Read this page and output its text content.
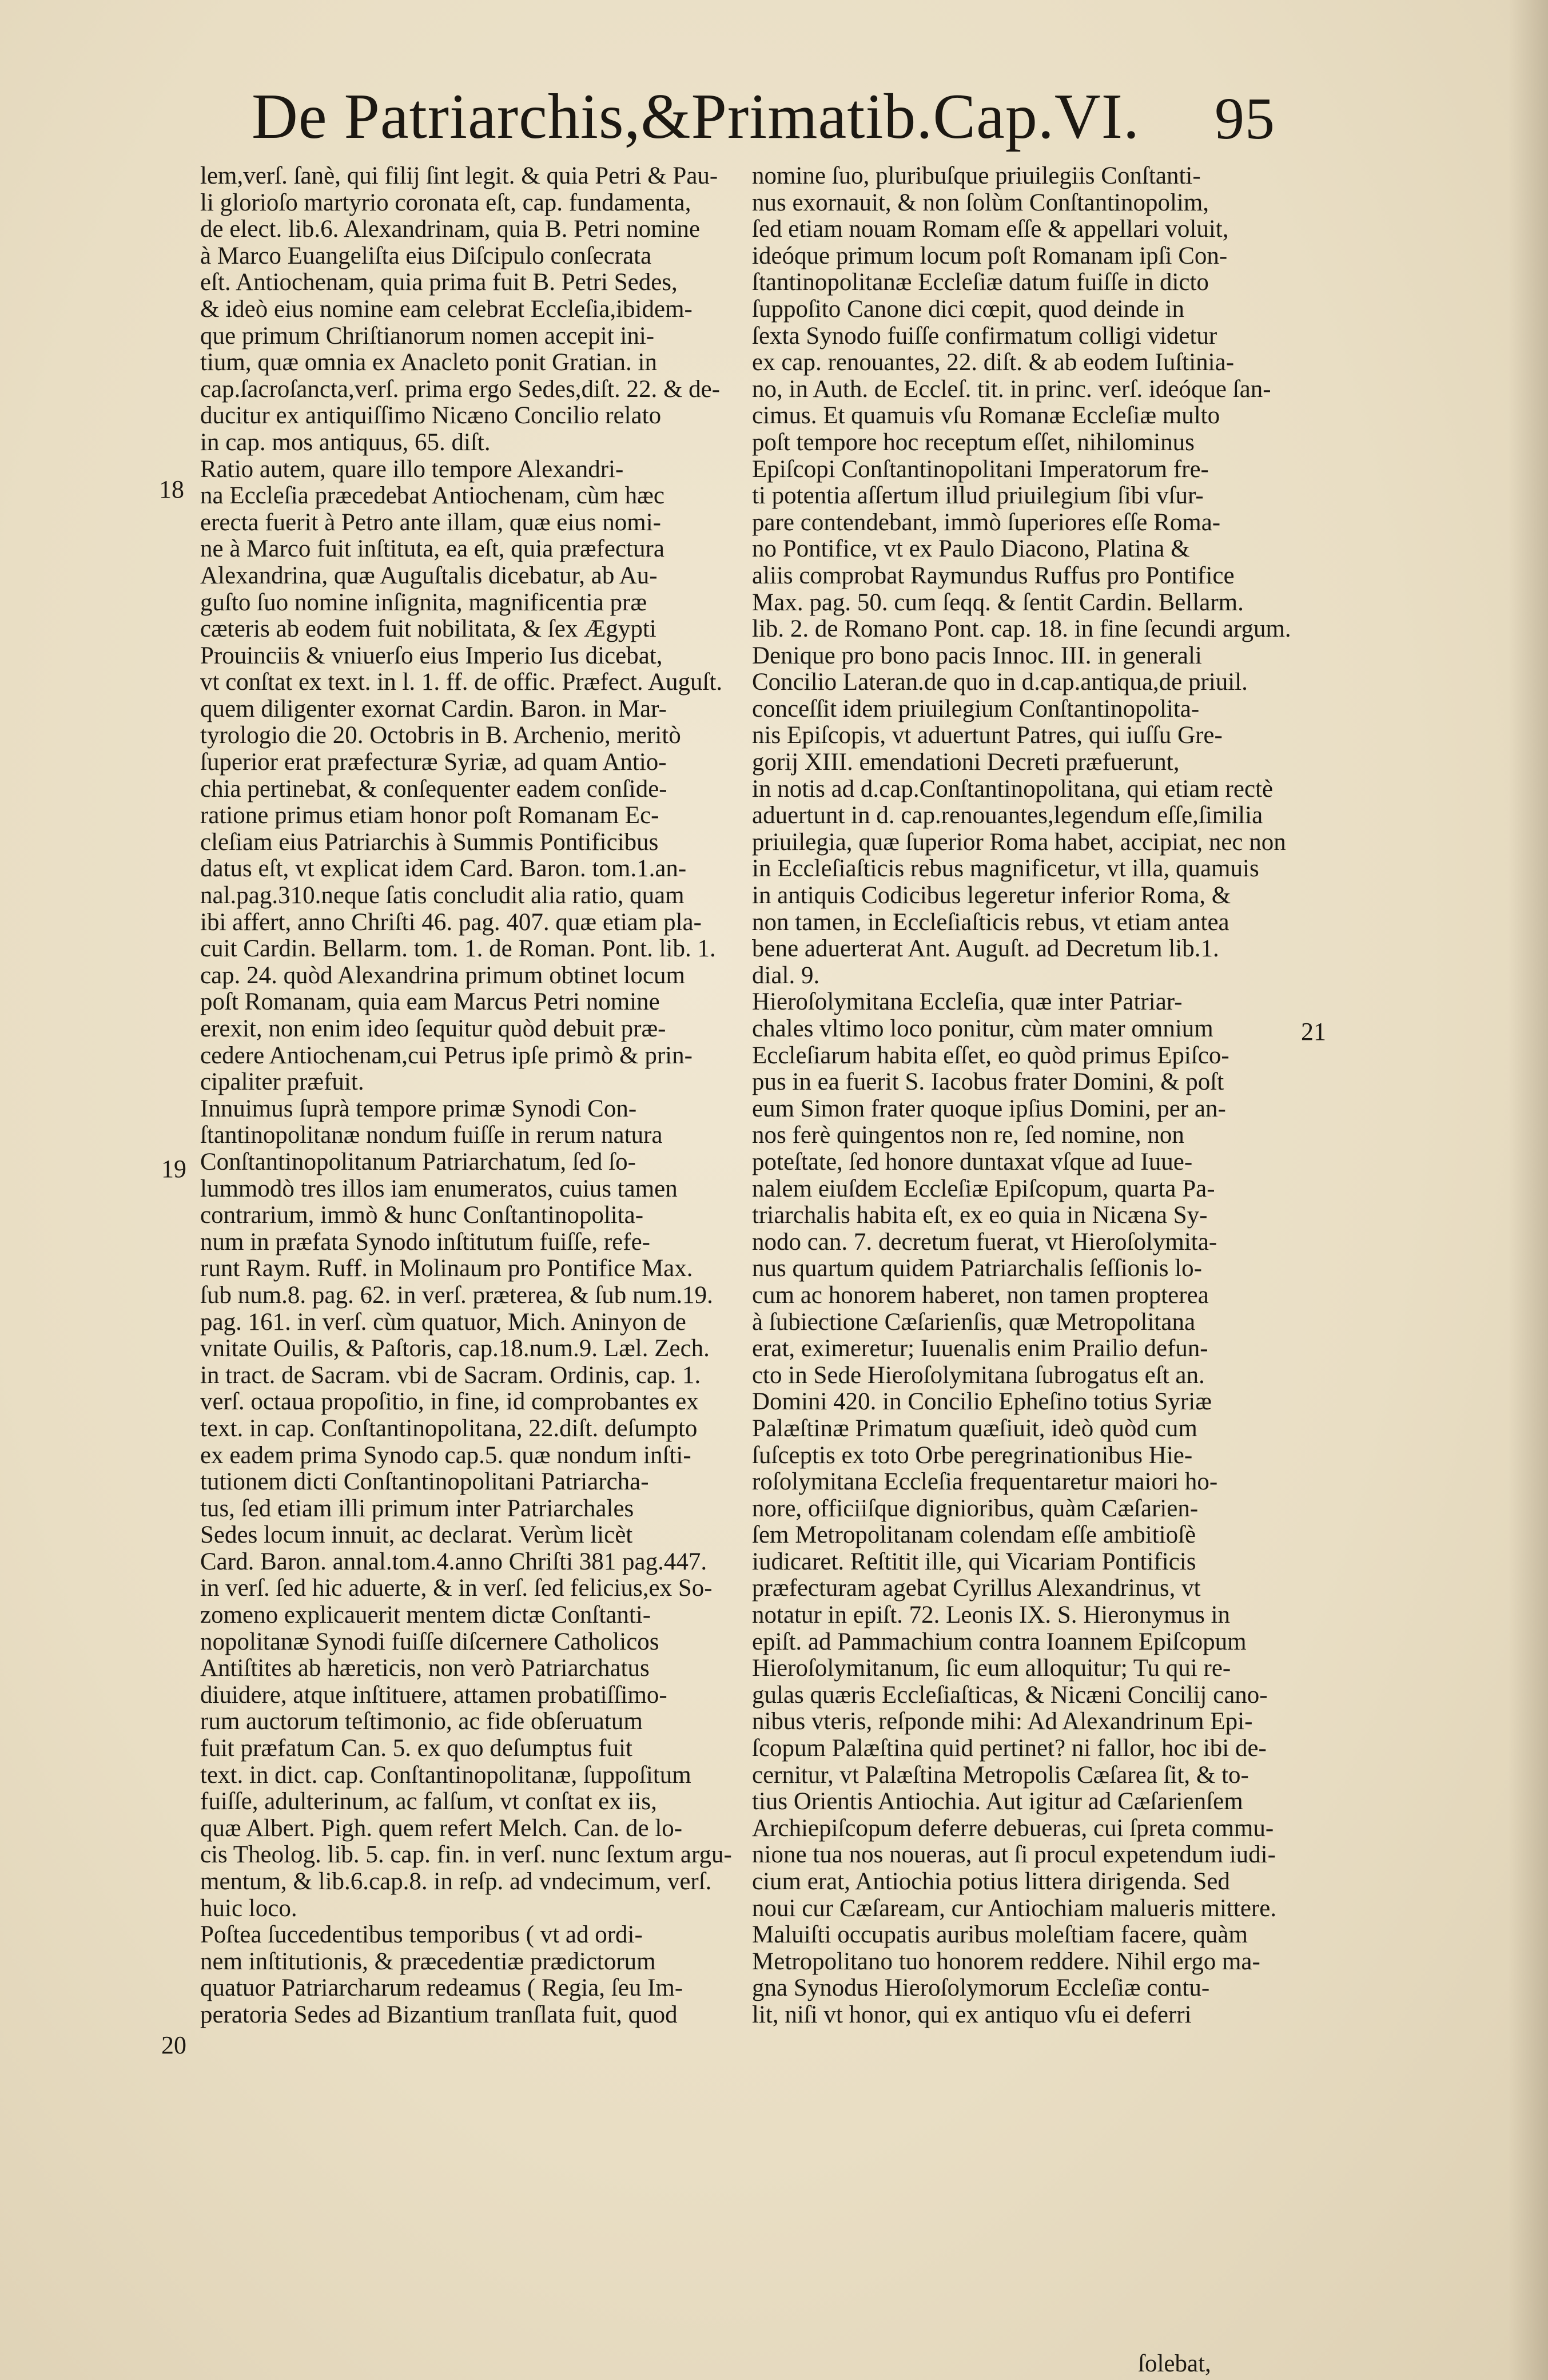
De Patriarchis,&Primatib.Cap.VI. 95

lem,verſ. ſanè, qui filij ſint legit. & quia Petri & Pau-
li glorioſo martyrio coronata eſt, cap. fundamenta,
de elect. lib.6. Alexandrinam, quia B. Petri nomine
à Marco Euangeliſta eius Diſcipulo conſecrata
eſt. Antiochenam, quia prima fuit B. Petri Sedes,
& ideò eius nomine eam celebrat Eccleſia,ibidem-
que primum Chriſtianorum nomen accepit ini-
tium, quæ omnia ex Anacleto ponit Gratian. in
cap.ſacroſancta,verſ. prima ergo Sedes,diſt. 22. & de-
ducitur ex antiquiſſimo Nicæno Concilio relato
in cap. mos antiquus, 65. diſt.
Ratio autem, quare illo tempore Alexandri-
na Eccleſia præcedebat Antiochenam, cùm hæc
erecta fuerit à Petro ante illam, quæ eius nomi-
ne à Marco fuit inſtituta, ea eſt, quia præfectura
Alexandrina, quæ Auguſtalis dicebatur, ab Au-
guſto ſuo nomine inſignita, magnificentia præ
cæteris ab eodem fuit nobilitata, & ſex Ægypti
Prouinciis & vniuerſo eius Imperio Ius dicebat,
vt conſtat ex text. in l. 1. ff. de offic. Præfect. Auguſt.
quem diligenter exornat Cardin. Baron. in Mar-
tyrologio die 20. Octobris in B. Archenio, meritò
ſuperior erat præfecturæ Syriæ, ad quam Antio-
chia pertinebat, & conſequenter eadem conſide-
ratione primus etiam honor poſt Romanam Ec-
cleſiam eius Patriarchis à Summis Pontificibus
datus eſt, vt explicat idem Card. Baron. tom.1.an-
nal.pag.310.neque ſatis concludit alia ratio, quam
ibi affert, anno Chriſti 46. pag. 407. quæ etiam pla-
cuit Cardin. Bellarm. tom. 1. de Roman. Pont. lib. 1.
cap. 24. quòd Alexandrina primum obtinet locum
poſt Romanam, quia eam Marcus Petri nomine
erexit, non enim ideo ſequitur quòd debuit præ-
cedere Antiochenam,cui Petrus ipſe primò & prin-
cipaliter præfuit.
Innuimus ſuprà tempore primæ Synodi Con-
ſtantinopolitanæ nondum fuiſſe in rerum natura
Conſtantinopolitanum Patriarchatum, ſed ſo-
lummodò tres illos iam enumeratos, cuius tamen
contrarium, immò & hunc Conſtantinopolita-
num in præfata Synodo inſtitutum fuiſſe, refe-
runt Raym. Ruff. in Molinaum pro Pontifice Max.
ſub num.8. pag. 62. in verſ. præterea, & ſub num.19.
pag. 161. in verſ. cùm quatuor, Mich. Aninyon de
vnitate Ouilis, & Paſtoris, cap.18.num.9. Læl. Zech.
in tract. de Sacram. vbi de Sacram. Ordinis, cap. 1.
verſ. octaua propoſitio, in fine, id comprobantes ex
text. in cap. Conſtantinopolitana, 22.diſt. deſumpto
ex eadem prima Synodo cap.5. quæ nondum inſti-
tutionem dicti Conſtantinopolitani Patriarcha-
tus, ſed etiam illi primum inter Patriarchales
Sedes locum innuit, ac declarat. Verùm licèt
Card. Baron. annal.tom.4.anno Chriſti 381 pag.447.
in verſ. ſed hic aduerte, & in verſ. ſed felicius,ex So-
zomeno explicauerit mentem dictæ Conſtanti-
nopolitanæ Synodi fuiſſe diſcernere Catholicos
Antiſtites ab hæreticis, non verò Patriarchatus
diuidere, atque inſtituere, attamen probatiſſimo-
rum auctorum teſtimonio, ac fide obſeruatum
fuit præfatum Can. 5. ex quo deſumptus fuit
text. in dict. cap. Conſtantinopolitanæ, ſuppoſitum
fuiſſe, adulterinum, ac falſum, vt conſtat ex iis,
quæ Albert. Pigh. quem refert Melch. Can. de lo-
cis Theolog. lib. 5. cap. fin. in verſ. nunc ſextum argu-
mentum, & lib.6.cap.8. in reſp. ad vndecimum, verſ.
huic loco.
Poſtea ſuccedentibus temporibus ( vt ad ordi-
nem inſtitutionis, & præcedentiæ prædictorum
quatuor Patriarcharum redeamus ( Regia, ſeu Im-
peratoria Sedes ad Bizantium tranſlata fuit, quod

nomine ſuo, pluribuſque priuilegiis Conſtanti-
nus exornauit, & non ſolùm Conſtantinopolim,
ſed etiam nouam Romam eſſe & appellari voluit,
ideóque primum locum poſt Romanam ipſi Con-
ſtantinopolitanæ Eccleſiæ datum fuiſſe in dicto
ſuppoſito Canone dici cœpit, quod deinde in
ſexta Synodo fuiſſe confirmatum colligi videtur
ex cap. renouantes, 22. diſt. & ab eodem Iuſtinia-
no, in Auth. de Eccleſ. tit. in princ. verſ. ideóque ſan-
cimus. Et quamuis vſu Romanæ Eccleſiæ multo
poſt tempore hoc receptum eſſet, nihilominus
Epiſcopi Conſtantinopolitani Imperatorum fre-
ti potentia aſſertum illud priuilegium ſibi vſur-
pare contendebant, immò ſuperiores eſſe Roma-
no Pontifice, vt ex Paulo Diacono, Platina &
aliis comprobat Raymundus Ruffus pro Pontifice
Max. pag. 50. cum ſeqq. & ſentit Cardin. Bellarm.
lib. 2. de Romano Pont. cap. 18. in fine ſecundi argum.
Denique pro bono pacis Innoc. III. in generali
Concilio Lateran.de quo in d.cap.antiqua,de priuil.
conceſſit idem priuilegium Conſtantinopolita-
nis Epiſcopis, vt aduertunt Patres, qui iuſſu Gre-
gorij XIII. emendationi Decreti præfuerunt,
in notis ad d.cap.Conſtantinopolitana, qui etiam rectè
aduertunt in d. cap.renouantes,legendum eſſe,ſimilia
priuilegia, quæ ſuperior Roma habet, accipiat, nec non
in Eccleſiaſticis rebus magnificetur, vt illa, quamuis
in antiquis Codicibus legeretur inferior Roma, &
non tamen, in Eccleſiaſticis rebus, vt etiam antea
bene aduerterat Ant. Auguſt. ad Decretum lib.1.
dial. 9.
Hieroſolymitana Eccleſia, quæ inter Patriar-
chales vltimo loco ponitur, cùm mater omnium
Eccleſiarum habita eſſet, eo quòd primus Epiſco-
pus in ea fuerit S. Iacobus frater Domini, & poſt
eum Simon frater quoque ipſius Domini, per an-
nos ferè quingentos non re, ſed nomine, non
poteſtate, ſed honore duntaxat vſque ad Iuue-
nalem eiuſdem Eccleſiæ Epiſcopum, quarta Pa-
triarchalis habita eſt, ex eo quia in Nicæna Sy-
nodo can. 7. decretum fuerat, vt Hieroſolymita-
nus quartum quidem Patriarchalis ſeſſionis lo-
cum ac honorem haberet, non tamen propterea
à ſubiectione Cæſarienſis, quæ Metropolitana
erat, eximeretur; Iuuenalis enim Prailio defun-
cto in Sede Hieroſolymitana ſubrogatus eſt an.
Domini 420. in Concilio Epheſino totius Syriæ
Palæſtinæ Primatum quæſiuit, ideò quòd cum
ſuſceptis ex toto Orbe peregrinationibus Hie-
roſolymitana Eccleſia frequentaretur maiori ho-
nore, officiiſque dignioribus, quàm Cæſarien-
ſem Metropolitanam colendam eſſe ambitioſè
iudicaret. Reſtitit ille, qui Vicariam Pontificis
præfecturam agebat Cyrillus Alexandrinus, vt
notatur in epiſt. 72. Leonis IX. S. Hieronymus in
epiſt. ad Pammachium contra Ioannem Epiſcopum
Hieroſolymitanum, ſic eum alloquitur; Tu qui re-
gulas quæris Eccleſiaſticas, & Nicæni Concilij cano-
nibus vteris, reſponde mihi: Ad Alexandrinum Epi-
ſcopum Palæſtina quid pertinet? ni fallor, hoc ibi de-
cernitur, vt Palæſtina Metropolis Cæſarea ſit, & to-
tius Orientis Antiochia. Aut igitur ad Cæſarienſem
Archiepiſcopum deferre debueras, cui ſpreta commu-
nione tua nos noueras, aut ſi procul expetendum iudi-
cium erat, Antiochia potius littera dirigenda. Sed
noui cur Cæſaream, cur Antiochiam malueris mittere.
Maluiſti occupatis auribus moleſtiam facere, quàm
Metropolitano tuo honorem reddere. Nihil ergo ma-
gna Synodus Hieroſolymorum Eccleſiæ contu-
lit, niſi vt honor, qui ex antiquo vſu ei deferri

18
19
20
21
ſolebat,
